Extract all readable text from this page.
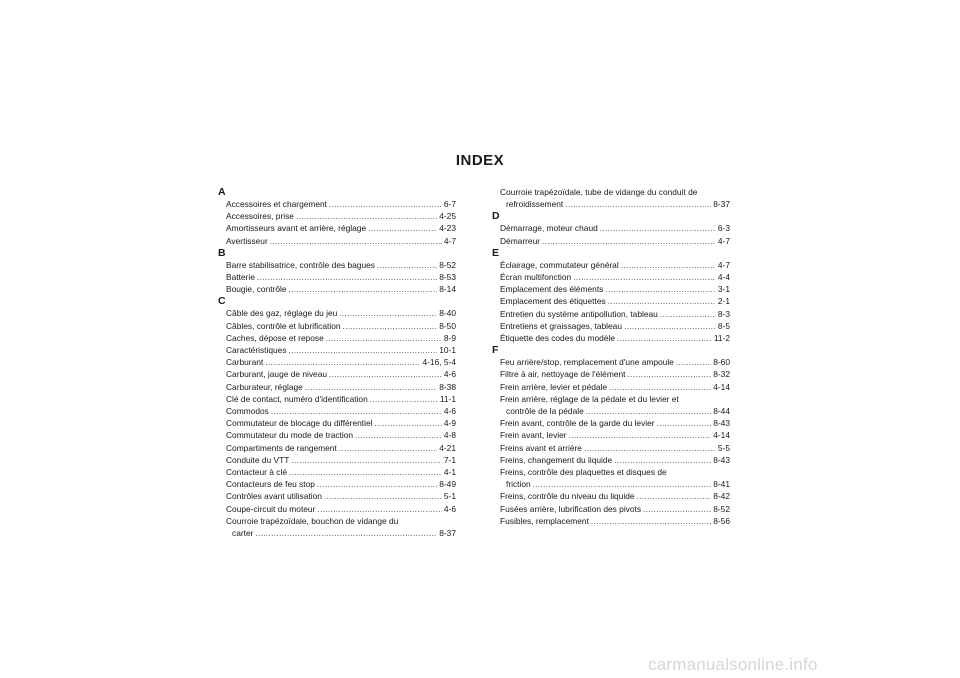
INDEX
A
Accessoires et chargement .....	6-7
Accessoires, prise .....	4-25
Amortisseurs avant et arrière, réglage .....	4-23
Avertisseur .....	4-7
B
Barre stabilisatrice, contrôle des bagues .....	8-52
Batterie .....	8-53
Bougie, contrôle .....	8-14
C
Câble des gaz, réglage du jeu .....	8-40
Câbles, contrôle et lubrification .....	8-50
Caches, dépose et repose .....	8-9
Caractéristiques .....	10-1
Carburant .....	4-16, 5-4
Carburant, jauge de niveau .....	4-6
Carburateur, réglage .....	8-38
Clé de contact, numéro d'identification .....	11-1
Commodos .....	4-6
Commutateur de blocage du différentiel .....	4-9
Commutateur du mode de traction .....	4-8
Compartiments de rangement .....	4-21
Conduite du VTT .....	7-1
Contacteur à clé .....	4-1
Contacteurs de feu stop .....	8-49
Contrôles avant utilisation .....	5-1
Coupe-circuit du moteur .....	4-6
Courroie trapézoïdale, bouchon de vidange du
carter .....	8-37
Courroie trapézoïdale, tube de vidange du conduit de
refroidissement .....	8-37
D
Démarrage, moteur chaud .....	6-3
Démarreur .....	4-7
E
Éclairage, commutateur général .....	4-7
Écran multifonction .....	4-4
Emplacement des éléments .....	3-1
Emplacement des étiquettes .....	2-1
Entretien du système antipollution, tableau .....	8-3
Entretiens et graissages, tableau .....	8-5
Étiquette des codes du modèle .....	11-2
F
Feu arrière/stop, remplacement d'une ampoule .....	8-60
Filtre à air, nettoyage de l'élément .....	8-32
Frein arrière, levier et pédale .....	4-14
Frein arrière, réglage de la pédale et du levier et
contrôle de la pédale .....	8-44
Frein avant, contrôle de la garde du levier .....	8-43
Frein avant, levier .....	4-14
Freins avant et arrière .....	5-5
Freins, changement du liquide .....	8-43
Freins, contrôle des plaquettes et disques de
friction .....	8-41
Freins, contrôle du niveau du liquide .....	8-42
Fusées arrière, lubrification des pivots .....	8-52
Fusibles, remplacement .....	8-56
carmanualsonline.info
